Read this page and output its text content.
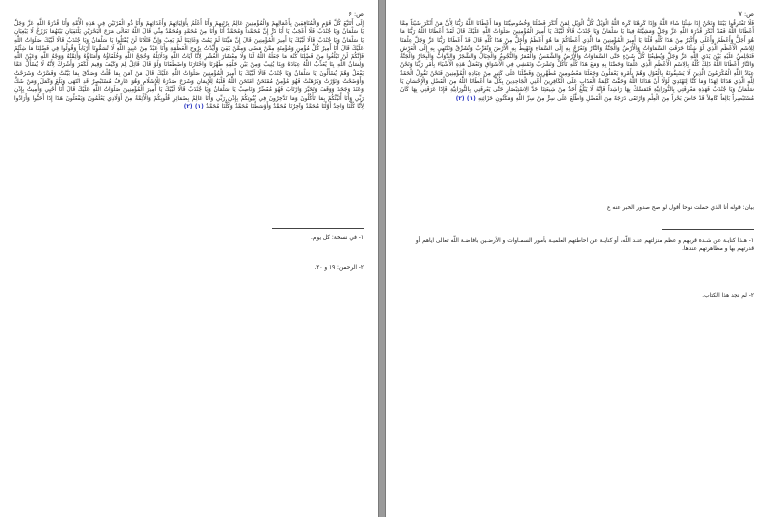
ص: ۶
إِلَى أَتَتَبَّعَ كُلَّ قَوْمٍ وَالْمُنَافِقِينَ بِأَعْمَالِهِمْ وَالْمُؤْمِنِينَ عَالِمٌ بِرُتَبِهِمْ وَأَنَا أَعْلَمُ بِأَوْلِيَائِهِمْ وَأَعْدَائِهِمْ وَأَنَا ذُو الْقَرْنَيْنِ فِي هَذِهِ الْأُمَّةِ وَأَنَا قُدْرَةُ اللَّهِ عَزَّ وَجَلَّ يَا سَلْمَانُ وَيَا جُنْدَبُ فَلَا أَعْجَبُ يَا أَبَا ذَرٍّ إِنَّ مُحَمَّداً وَمُحَمَّدٌ أَنَا وَأَنَا مِنْ مُحَمَّدٍ وَمُحَمَّدٌ مِنِّي قَالَ اللَّهُ تَعَالَى مَرَجَ الْبَحْرَيْنِ يَلْتَقِيَانِ بَيْنَهُمَا بَرْزَخٌ لَا يَبْغِيَانِ يَا سَلْمَانُ وَيَا جُنْدَبُ قَالَا لَبَّيْكَ يَا أَمِيرَ الْمُؤْمِنِينَ قَالَ إِنَّ مَيِّتَنَا لَمْ يَمُتْ وَغَائِبَنَا لَمْ يَغِبْ وَإِنَّ قَتْلَانَا لَنْ يُقْتَلُوا يَا سَلْمَانُ وَيَا جُنْدَبُ قَالَا لَبَّيْكَ صَلَوَاتُ اللَّهِ عَلَيْكَ قَالَ أَنَا أَمِيرُ كُلِّ مُؤْمِنٍ وَمُؤْمِنَةٍ مِمَّنْ مَضَى وَمِمَّنْ بَقِيَ وَأُيِّدْتُ بِرُوحِ الْعَظَمَةِ وَأَنَا عَبْدٌ مِنْ عَبِيدِ اللَّهِ لَا تُسَمُّونَا أَرْبَاباً وَقُولُوا فِي فَضْلِنَا مَا شِئْتُمْ فَإِنَّكُمْ لَنْ تَبْلُغُوا مِنْ فَضْلِنَا كُنْهَ مَا جَعَلَهُ اللَّهُ لَنَا وَلَا مِعْشَارَ الْعُشْرِ لِأَنَّا آيَاتُ اللَّهِ وَدَلَائِلُهُ وَحُجَجُ اللَّهِ وَخُلَفَاؤُهُ وَأُمَنَاؤُهُ وَأَئِمَّتُهُ وَوَجْهُ اللَّهِ وَعَيْنُ اللَّهِ وَلِسَانُ اللَّهِ بِنَا يُعَذِّبُ اللَّهُ عِبَادَهُ وَبِنَا يُثِيبُ وَمِنْ بَيْنِ خَلْقِهِ طَهَّرَنَا وَاخْتَارَنَا وَاصْطَفَانَا وَلَوْ قَالَ قَائِلٌ لِمَ وَكَيْفَ وَفِيمَ لَكَفَرَ وَأَشْرَكَ لِأَنَّهُ لَا يُسْأَلُ عَمَّا يَفْعَلُ وَهُمْ يُسْأَلُونَ يَا سَلْمَانُ وَيَا جُنْدَبُ قَالَا لَبَّيْكَ يَا أَمِيرَ الْمُؤْمِنِينَ صَلَوَاتُ اللَّهِ عَلَيْكَ قَالَ مَنْ آمَنَ بِمَا قُلْتُ وَصَدَّقَ بِمَا بَيَّنْتُ وَفَسَّرْتُ وَشَرَحْتُ وَأَوْضَحْتُ وَنَوَّرْتُ وَبَرْهَنْتُ فَهُوَ مُؤْمِنٌ مُمْتَحَنٌ امْتَحَنَ اللَّهُ قَلْبَهُ لِلْإِيمَانِ وَشَرَحَ صَدْرَهُ لِلْإِسْلَامِ وَهُوَ عَارِفٌ مُسْتَبْصِرٌ قَدِ انْتَهَى وَبَلَغَ وَكَمَلَ وَمَنْ شَكَّ وَعَنَدَ وَجَحَدَ وَوَقَفَ وَتَحَيَّرَ وَارْتَابَ فَهُوَ مُقَصِّرٌ وَنَاصِبٌ يَا سَلْمَانُ وَيَا جُنْدَبُ قَالَا لَبَّيْكَ يَا أَمِيرَ الْمُؤْمِنِينَ صَلَوَاتُ اللَّهِ عَلَيْكَ قَالَ أَنَا أُحْيِي وَأُمِيتُ بِإِذْنِ رَبِّي وَأَنَا أُنَبِّئُكُمْ بِمَا تَأْكُلُونَ وَمَا تَدَّخِرُونَ فِي بُيُوتِكُمْ بِإِذْنِ رَبِّي وَأَنَا عَالِمٌ بِضَمَائِرِ قُلُوبِكُمْ وَالْأَئِمَّةُ مِنْ أَوْلَادِي يَعْلَمُونَ وَيَفْعَلُونَ هَذَا إِذَا أَحَبُّوا وَأَرَادُوا لِأَنَّا كُلَّنَا وَاحِدٌ أَوَّلُنَا مُحَمَّدٌ وَآخِرُنَا مُحَمَّدٌ وَأَوْسَطُنَا مُحَمَّدٌ وَكُلُّنَا مُحَمَّدٌ (۱) (۲)
۱- في نسخة: كل يوم.
۲- الرحمن: ۱۹ و ۲۰.
ص: ۷
فَلَا تَفْتَرِقُوا بَيْنَنَا وَنَحْنُ إِذَا شِئْنَا شَاءَ اللَّهُ وَإِذَا كَرِهْنَا كَرِهَ اللَّهُ الْوَيْلُ كُلُّ الْوَيْلِ لِمَنْ أَنْكَرَ فَضْلَنَا وَخُصُوصِيَّتَنَا وَمَا أَعْطَانَا اللَّهُ رَبُّنَا لِأَنَّ مَنْ أَنْكَرَ شَيْئاً مِمَّا أَعْطَانَا اللَّهُ فَقَدْ أَنْكَرَ قُدْرَةَ اللَّهِ عَزَّ وَجَلَّ وَمَشِيَّتَهُ فِينَا يَا سَلْمَانُ وَيَا جُنْدَبُ قَالَا لَبَّيْكَ يَا أَمِيرَ الْمُؤْمِنِينَ صَلَوَاتُ اللَّهِ عَلَيْكَ قَالَ لَقَدْ أَعْطَانَا اللَّهُ رَبُّنَا مَا هُوَ أَجَلُّ وَأَعْظَمُ وَأَعْلَى وَأَكْبَرُ مِنْ هَذَا كُلِّهِ قُلْنَا يَا أَمِيرَ الْمُؤْمِنِينَ مَا الَّذِي أَعْطَاكُمْ مَا هُوَ أَعْظَمُ وَأَجَلُّ مِنْ هَذَا كُلِّهِ قَالَ قَدْ أَعْطَانَا رَبُّنَا عَزَّ وَجَلَّ عِلْمَنَا لِلِاسْمِ الْأَعْظَمِ الَّذِي لَوْ شِئْنَا خَرَقَتِ السَّمَاوَاتُ وَالْأَرْضُ وَالْجَنَّةُ وَالنَّارُ وَنَعْرُجُ بِهِ إِلَى السَّمَاءِ وَنَهْبِطُ بِهِ الْأَرْضَ وَنُغَرِّبُ وَنُشَرِّقُ وَنَنْتَهِي بِهِ إِلَى الْعَرْشِ فَنَجْلِسُ عَلَيْهِ بَيْنَ يَدَيِ اللَّهِ عَزَّ وَجَلَّ وَيُطِيعُنَا كُلُّ شَيْءٍ حَتَّى السَّمَاوَاتُ وَالْأَرْضُ وَالشَّمْسُ وَالْقَمَرُ وَالنُّجُومُ وَالْجِبَالُ وَالشَّجَرُ وَالدَّوَابُّ وَالْبِحَارُ وَالْجَنَّةُ وَالنَّارُ أَعْطَانَا اللَّهُ ذَلِكَ كُلَّهُ بِالِاسْمِ الْأَعْظَمِ الَّذِي عَلَّمَنَا وَخَصَّنَا بِهِ وَمَعَ هَذَا كُلِّهِ نَأْكُلُ وَنَشْرَبُ وَنَمْشِي فِي الْأَسْوَاقِ وَنَعْمَلُ هَذِهِ الْأَشْيَاءَ بِأَمْرِ رَبِّنَا وَنَحْنُ عِبَادُ اللَّهِ الْمُكْرَمُونَ الَّذِينَ لَا يَسْبِقُونَهُ بِالْقَوْلِ وَهُمْ بِأَمْرِهِ يَعْمَلُونَ وَجَعَلَنَا مَعْصُومِينَ مُطَهَّرِينَ وَفَضَّلَنَا عَلَى كَثِيرٍ مِنْ عِبَادِهِ الْمُؤْمِنِينَ فَنَحْنُ نَقُولُ الْحَمْدُ لِلَّهِ الَّذِي هَدَانَا لِهَذَا وَمَا كُنَّا لِنَهْتَدِيَ لَوْلَا أَنْ هَدَانَا اللَّهُ وَحَقَّتْ كَلِمَةُ الْعَذَابِ عَلَى الْكَافِرِينَ أَعْنِي الْجَاحِدِينَ بِكُلِّ مَا أَعْطَانَا اللَّهُ مِنَ الْفَضْلِ وَالْإِحْسَانِ يَا سَلْمَانُ وَيَا جُنْدَبُ فَهَذِهِ مَعْرِفَتِي بِالنُّورَانِيَّةِ فَتَمَسَّكْ بِهَا رَاشِداً فَإِنَّهُ لَا يَبْلُغُ أَحَدٌ مِنْ شِيعَتِنَا حَدَّ الِاسْتِبْصَارِ حَتَّى يَعْرِفَنِي بِالنُّورَانِيَّةِ فَإِذَا عَرَفَنِي بِهَا كَانَ مُسْتَبْصِراً بَالِغاً كَامِلاً قَدْ خَاضَ بَحْراً مِنَ الْعِلْمِ وَارْتَقَى دَرَجَةً مِنَ الْفَضْلِ وَاطَّلَعَ عَلَى سِرٍّ مِنْ سِرِّ اللَّهِ وَمَكْنُونِ خَزَائِنِهِ (۱) (۲)
بيان: قوله أنا الذي حملت نوحا أقول لو صح صدور الخبر عنه ع
۱- هـذا كنايـة عن شـدة قربهم و عظم منزلتهم عنـد اللّه، أو كنايـة عن احاطتهم العلميـة بأمور السمـاوات و الأرضـين بافاضـة اللّه تعالى اياهم أو قدرتهم بها و مظاهرتهم عندها.
۲- لم نجد هذا الكتاب.
